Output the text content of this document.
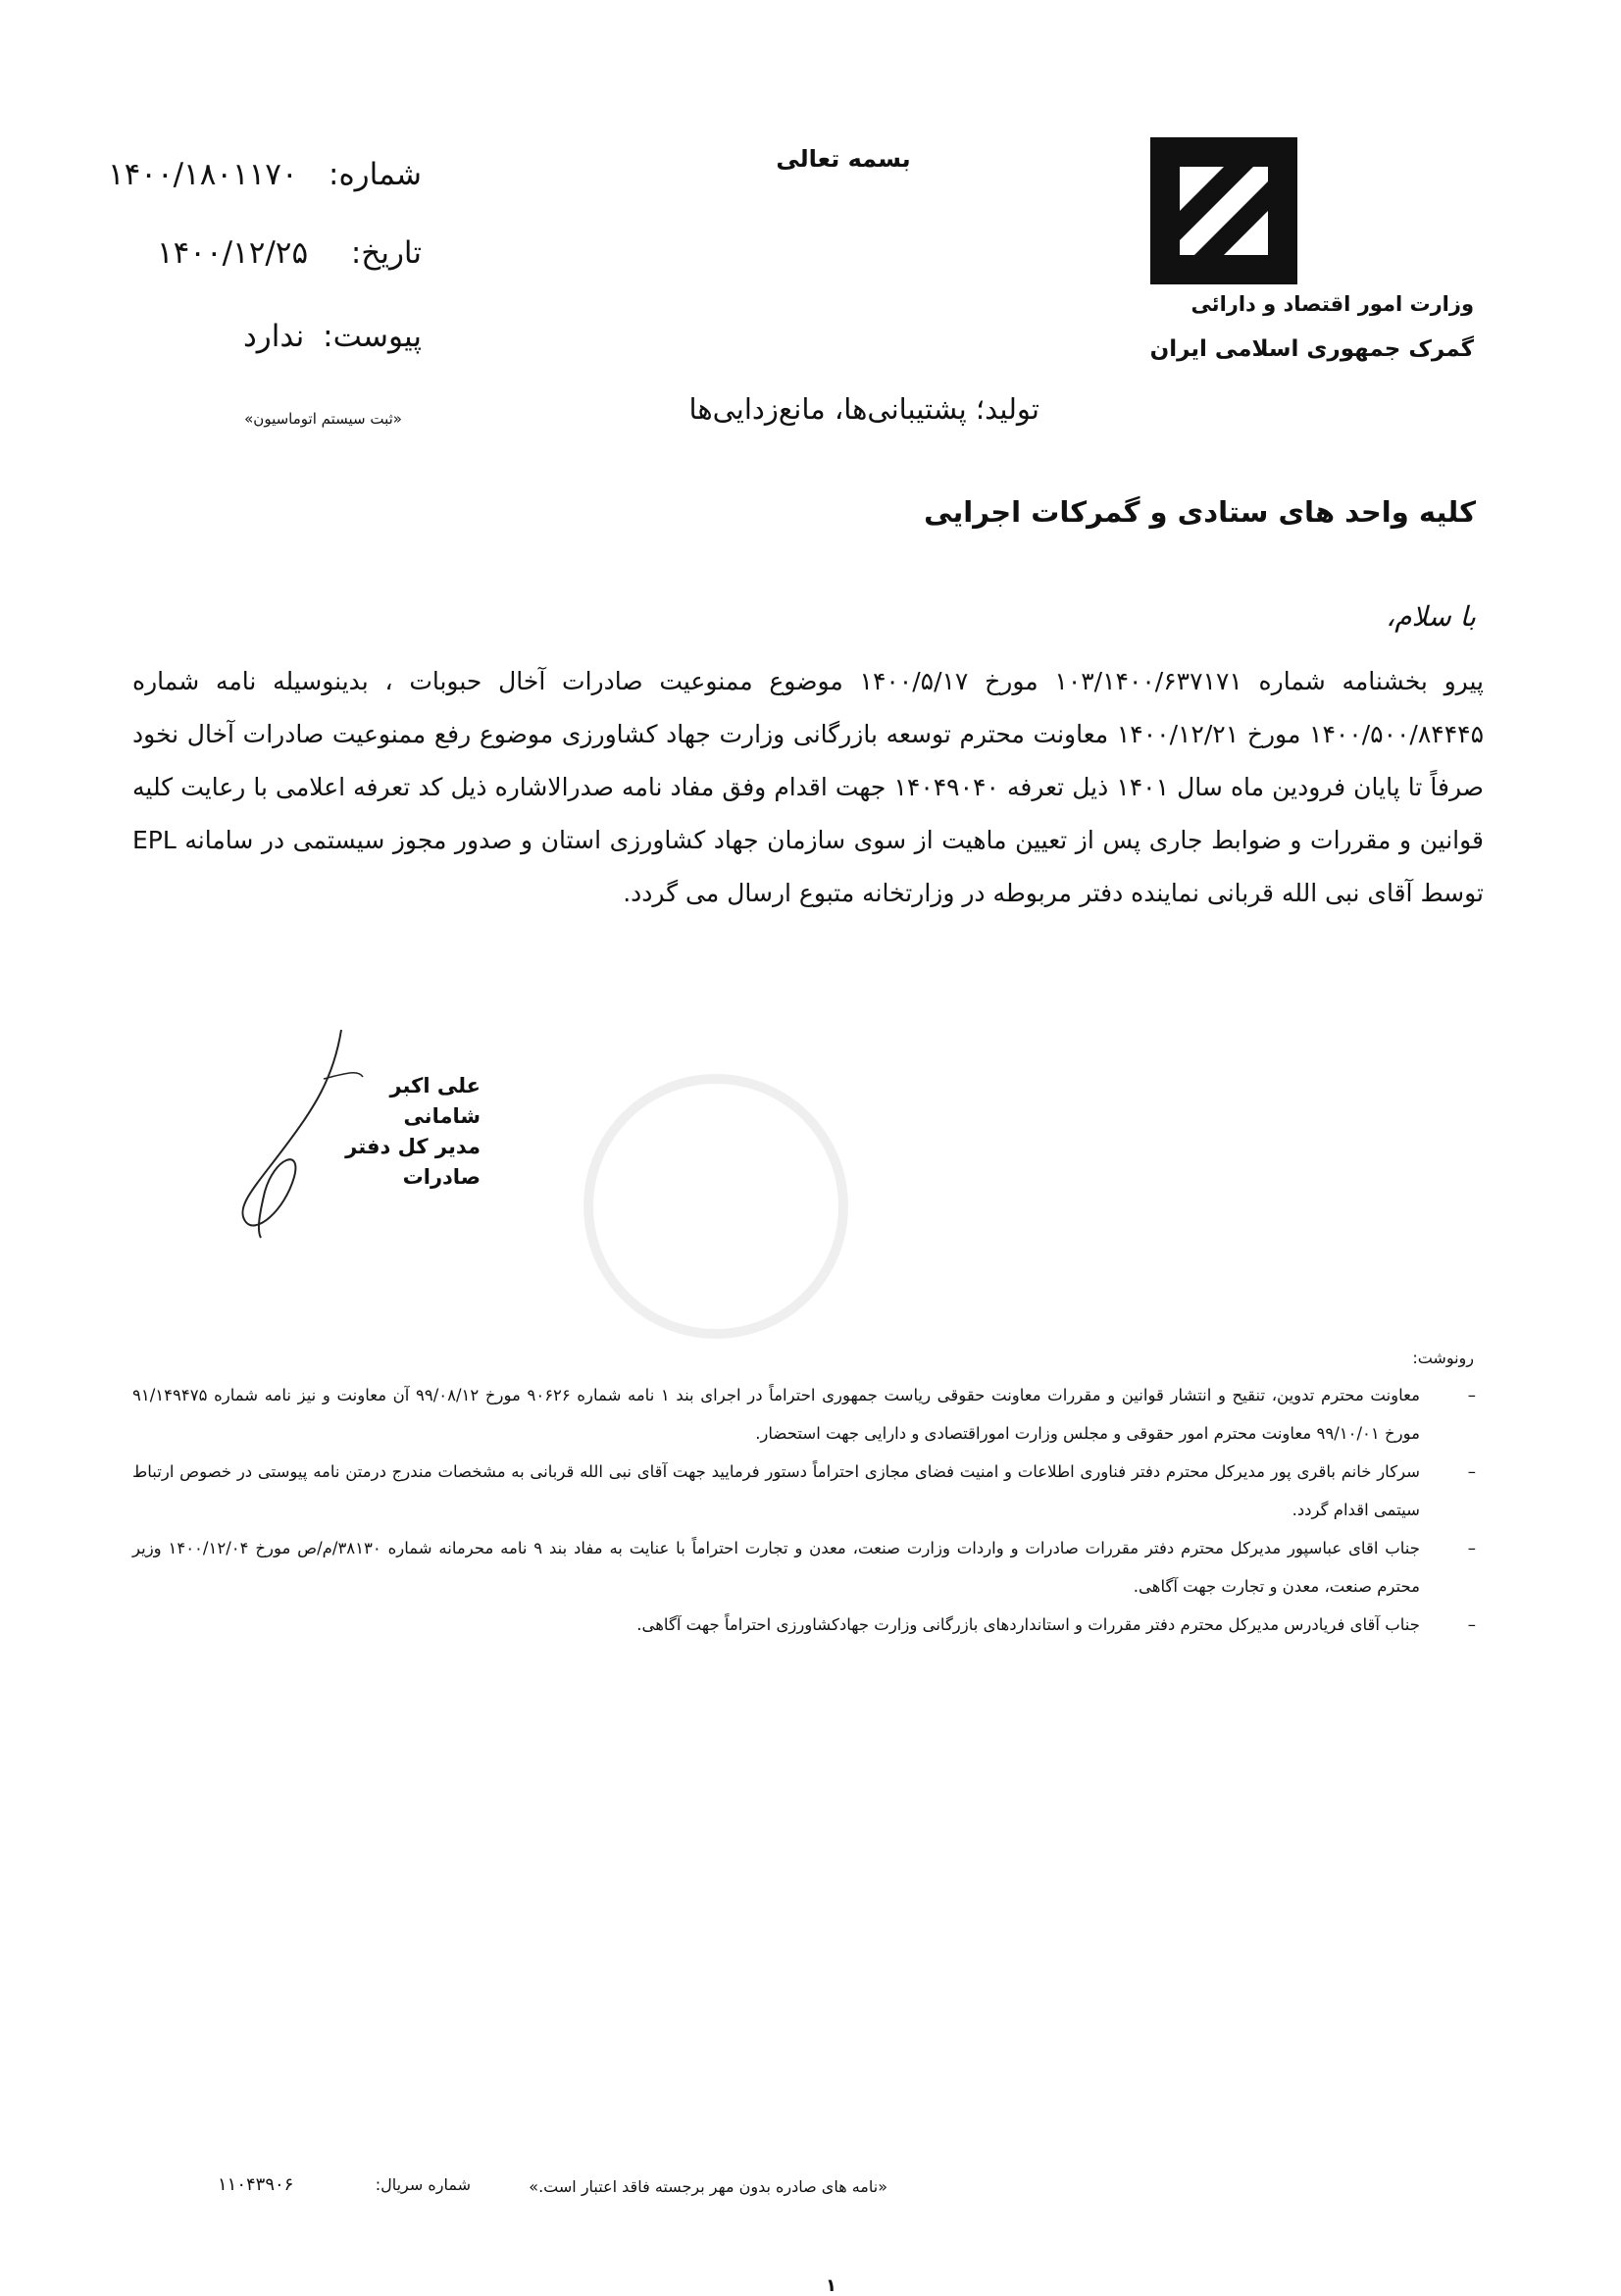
وزارت امور اقتصاد و دارائی
گمرک جمهوری اسلامی ایران
بسمه تعالی
شماره:
۱۴۰۰/۱۸۰۱۱۷۰
تاریخ:
۱۴۰۰/۱۲/۲۵
پیوست:
ندارد
«ثبت سیستم اتوماسیون»	تولید؛ پشتیبانی‌ها، مانع‌زدایی‌ها
کلیه واحد های ستادی و گمرکات اجرایی
با سلام،

پیرو بخشنامه شماره ۱۰۳/۱۴۰۰/۶۳۷۱۷۱ مورخ ۱۴۰۰/۵/۱۷ موضوع ممنوعیت صادرات آخال حبوبات ، بدینوسیله نامه شماره ۱۴۰۰/۵۰۰/۸۴۴۴۵ مورخ ۱۴۰۰/۱۲/۲۱ معاونت محترم توسعه بازرگانی وزارت جهاد کشاورزی موضوع رفع ممنوعیت صادرات آخال نخود صرفاً تا پایان فرودین ماه سال ۱۴۰۱ ذیل تعرفه ۱۴۰۴۹۰۴۰ جهت اقدام وفق مفاد نامه صدرالاشاره ذیل کد تعرفه اعلامی با رعایت کلیه قوانین و مقررات و ضوابط جاری پس از تعیین ماهیت از سوی سازمان جهاد کشاورزی استان و صدور مجوز سیستمی در سامانه EPL توسط آقای نبی الله قربانی نماینده دفتر مربوطه در وزارتخانه متبوع ارسال می گردد.

علی اکبر شامانی
مدیر کل دفتر صادرات
رونوشت:
–
معاونت محترم تدوین، تنقیح و انتشار قوانین و مقررات معاونت حقوقی ریاست جمهوری احتراماً در اجرای بند ۱ نامه شماره ۹۰۶۲۶ مورخ ۹۹/۰۸/۱۲ آن معاونت و نیز نامه شماره ۹۱/۱۴۹۴۷۵ مورخ ۹۹/۱۰/۰۱ معاونت محترم امور حقوقی و مجلس وزارت اموراقتصادی و دارایی جهت استحضار.
–
سرکار خانم باقری پور مدیرکل محترم دفتر فناوری اطلاعات و امنیت فضای مجازی احتراماً دستور فرمایید جهت آقای نبی الله قربانی به مشخصات مندرج درمتن نامه پیوستی در خصوص ارتباط سیتمی اقدام گردد.
–
جناب اقای عباسپور مدیرکل محترم دفتر مقررات صادرات و واردات وزارت صنعت، معدن و تجارت احتراماً با عنایت به مفاد بند ۹ نامه محرمانه شماره ۳۸۱۳۰/م/ص مورخ ۱۴۰۰/۱۲/۰۴ وزیر محترم صنعت، معدن و تجارت جهت آگاهی.
–
جناب آقای فریادرس مدیرکل محترم دفتر مقررات و استانداردهای بازرگانی وزارت جهادکشاورزی احتراماً جهت آگاهی.
«نامه های صادره بدون مهر برجسته فاقد اعتبار است.»
شماره سریال:
۱۱۰۴۳۹۰۶
۱
